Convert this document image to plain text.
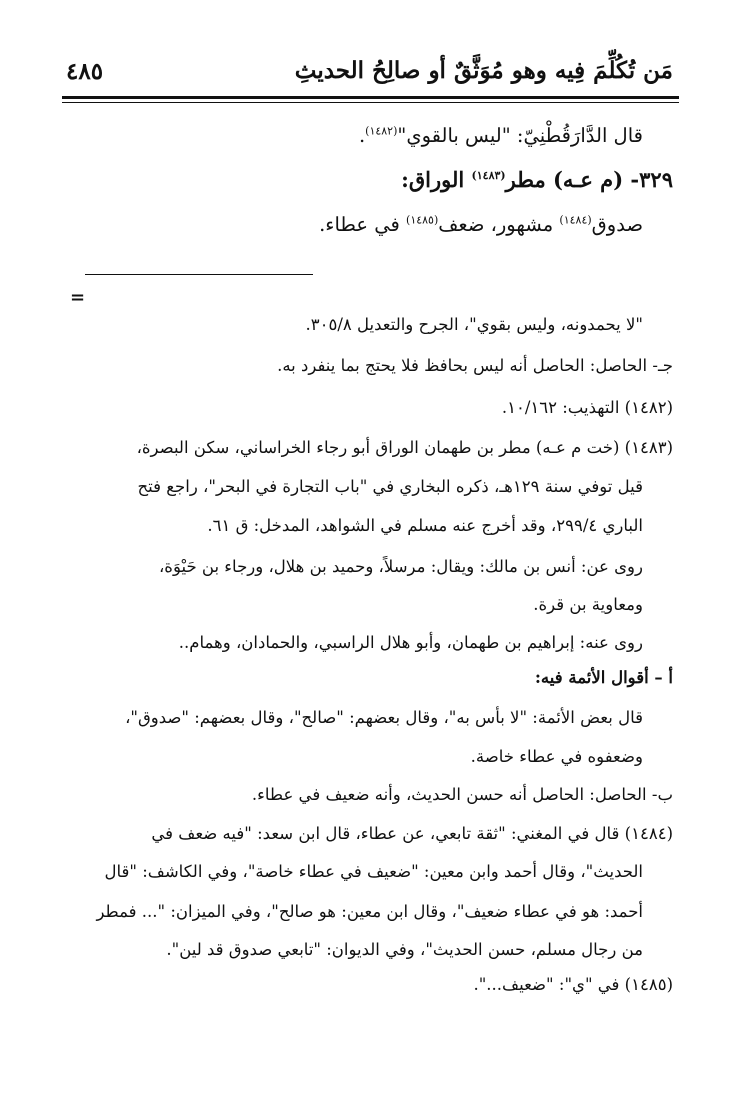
مَن تُكُلِّمَ فِيه وهو مُوَثَّقٌ أو صالِحُ الحديثِ
٤٨٥
قال الدَّارَقُطْنِيّ: "ليس بالقوي"$^{(١٤٨٢)}$.
٣٢٩- (م عـه) مطر$^{(١٤٨٣)}$ الوراق:
صدوق$^{(١٤٨٤)}$ مشهور، ضعف$^{(١٤٨٥)}$ في عطاء.
=
"لا يحمدونه، وليس بقوي"، الجرح والتعديل ٣٠٥/٨.
جـ- الحاصل: الحاصل أنه ليس بحافظ فلا يحتج بما ينفرد به.
(١٤٨٢) التهذيب: ١٠/١٦٢.
(١٤٨٣) (خت م عـه) مطر بن طهمان الوراق أبو رجاء الخراساني، سكن البصرة،
قيل توفي سنة ١٢٩هـ، ذكره البخاري في "باب التجارة في البحر"، راجع فتح
الباري ٢٩٩/٤، وقد أخرج عنه مسلم في الشواهد، المدخل: ق ٦١.
روى عن: أنس بن مالك: ويقال: مرسلاً، وحميد بن هلال، ورجاء بن حَيْوَة،
ومعاوية بن قرة.
روى عنه: إبراهيم بن طهمان، وأبو هلال الراسبي، والحمادان، وهمام..
أ – أقوال الأئمة فيه:
قال بعض الأئمة: "لا بأس به"، وقال بعضهم: "صالح"، وقال بعضهم: "صدوق"،
وضعفوه في عطاء خاصة.
ب- الحاصل: الحاصل أنه حسن الحديث، وأنه ضعيف في عطاء.
(١٤٨٤) قال في المغني: "ثقة تابعي، عن عطاء، قال ابن سعد: "فيه ضعف في
الحديث"، وقال أحمد وابن معين: "ضعيف في عطاء خاصة"، وفي الكاشف: "قال
أحمد: هو في عطاء ضعيف"، وقال ابن معين: هو صالح"، وفي الميزان: "... فمطر
من رجال مسلم، حسن الحديث"، وفي الديوان: "تابعي صدوق قد لين".
(١٤٨٥) في "ي": "ضعيف...".
